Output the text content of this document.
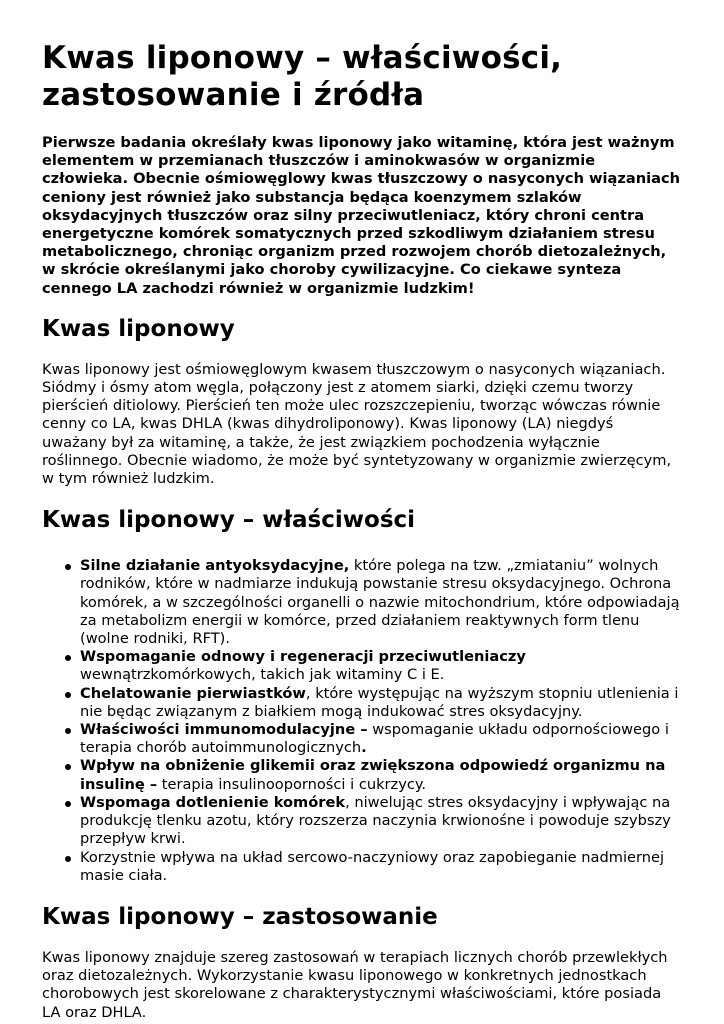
Kwas liponowy – właściwości, zastosowanie i źródła

Pierwsze badania określały kwas liponowy jako witaminę, która jest ważnym elementem w przemianach tłuszczów i aminokwasów w organizmie człowieka. Obecnie ośmiowęglowy kwas tłuszczowy o nasyconych wiązaniach ceniony jest również jako substancja będąca koenzymem szlaków oksydacyjnych tłuszczów oraz silny przeciwutleniacz, który chroni centra energetyczne komórek somatycznych przed szkodliwym działaniem stresu metabolicznego, chroniąc organizm przed rozwojem chorób dietozależnych, w skrócie określanymi jako choroby cywilizacyjne. Co ciekawe synteza cennego LA zachodzi również w organizmie ludzkim!

Kwas liponowy

Kwas liponowy jest ośmiowęglowym kwasem tłuszczowym o nasyconych wiązaniach. Siódmy i ósmy atom węgla, połączony jest z atomem siarki, dzięki czemu tworzy pierścień ditiolowy. Pierścień ten może ulec rozszczepieniu, tworząc wówczas równie cenny co LA, kwas DHLA (kwas dihydroliponowy). Kwas liponowy (LA) niegdyś uważany był za witaminę, a także, że jest związkiem pochodzenia wyłącznie roślinnego. Obecnie wiadomo, że może być syntetyzowany w organizmie zwierzęcym, w tym również ludzkim.

Kwas liponowy – właściwości
Silne działanie antyoksydacyjne, które polega na tzw. „zmiataniu” wolnych rodników, które w nadmiarze indukują powstanie stresu oksydacyjnego. Ochrona komórek, a w szczególności organelli o nazwie mitochondrium, które odpowiadają za metabolizm energii w komórce, przed działaniem reaktywnych form tlenu (wolne rodniki, RFT).
Wspomaganie odnowy i regeneracji przeciwutleniaczy wewnątrzkomórkowych, takich jak witaminy C i E.
Chelatowanie pierwiastków, które występując na wyższym stopniu utlenienia i nie będąc związanym z białkiem mogą indukować stres oksydacyjny.
Właściwości immunomodulacyjne – wspomaganie układu odpornościowego i terapia chorób autoimmunologicznych.
Wpływ na obniżenie glikemii oraz zwiększona odpowiedź organizmu na insulinę – terapia insulinooporności i cukrzycy.
Wspomaga dotlenienie komórek, niwelując stres oksydacyjny i wpływając na produkcję tlenku azotu, który rozszerza naczynia krwionośne i powoduje szybszy przepływ krwi.
Korzystnie wpływa na układ sercowo-naczyniowy oraz zapobieganie nadmiernej masie ciała.
Kwas liponowy – zastosowanie

Kwas liponowy znajduje szereg zastosowań w terapiach licznych chorób przewlekłych oraz dietozależnych. Wykorzystanie kwasu liponowego w konkretnych jednostkach chorobowych jest skorelowane z charakterystycznymi właściwościami, które posiada LA oraz DHLA.
